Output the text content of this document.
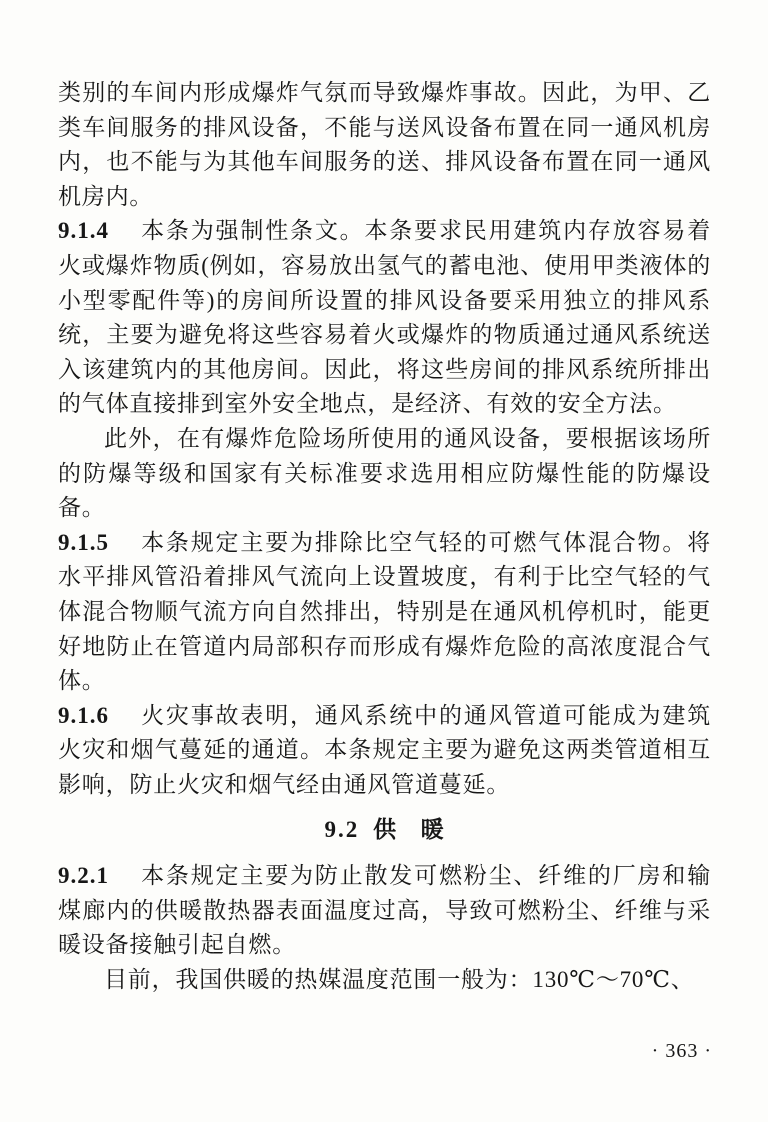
类别的车间内形成爆炸气氛而导致爆炸事故。因此，为甲、乙类车间服务的排风设备，不能与送风设备布置在同一通风机房内，也不能与为其他车间服务的送、排风设备布置在同一通风机房内。

9.1.4 本条为强制性条文。本条要求民用建筑内存放容易着火或爆炸物质(例如，容易放出氢气的蓄电池、使用甲类液体的小型零配件等)的房间所设置的排风设备要采用独立的排风系统，主要为避免将这些容易着火或爆炸的物质通过通风系统送入该建筑内的其他房间。因此，将这些房间的排风系统所排出的气体直接排到室外安全地点，是经济、有效的安全方法。

此外，在有爆炸危险场所使用的通风设备，要根据该场所的防爆等级和国家有关标准要求选用相应防爆性能的防爆设备。

9.1.5 本条规定主要为排除比空气轻的可燃气体混合物。将水平排风管沿着排风气流向上设置坡度，有利于比空气轻的气体混合物顺气流方向自然排出，特别是在通风机停机时，能更好地防止在管道内局部积存而形成有爆炸危险的高浓度混合气体。

9.1.6 火灾事故表明，通风系统中的通风管道可能成为建筑火灾和烟气蔓延的通道。本条规定主要为避免这两类管道相互影响，防止火灾和烟气经由通风管道蔓延。

9.2 供　暖

9.2.1 本条规定主要为防止散发可燃粉尘、纤维的厂房和输煤廊内的供暖散热器表面温度过高，导致可燃粉尘、纤维与采暖设备接触引起自燃。

目前，我国供暖的热媒温度范围一般为：130℃～70℃、

· 363 ·
